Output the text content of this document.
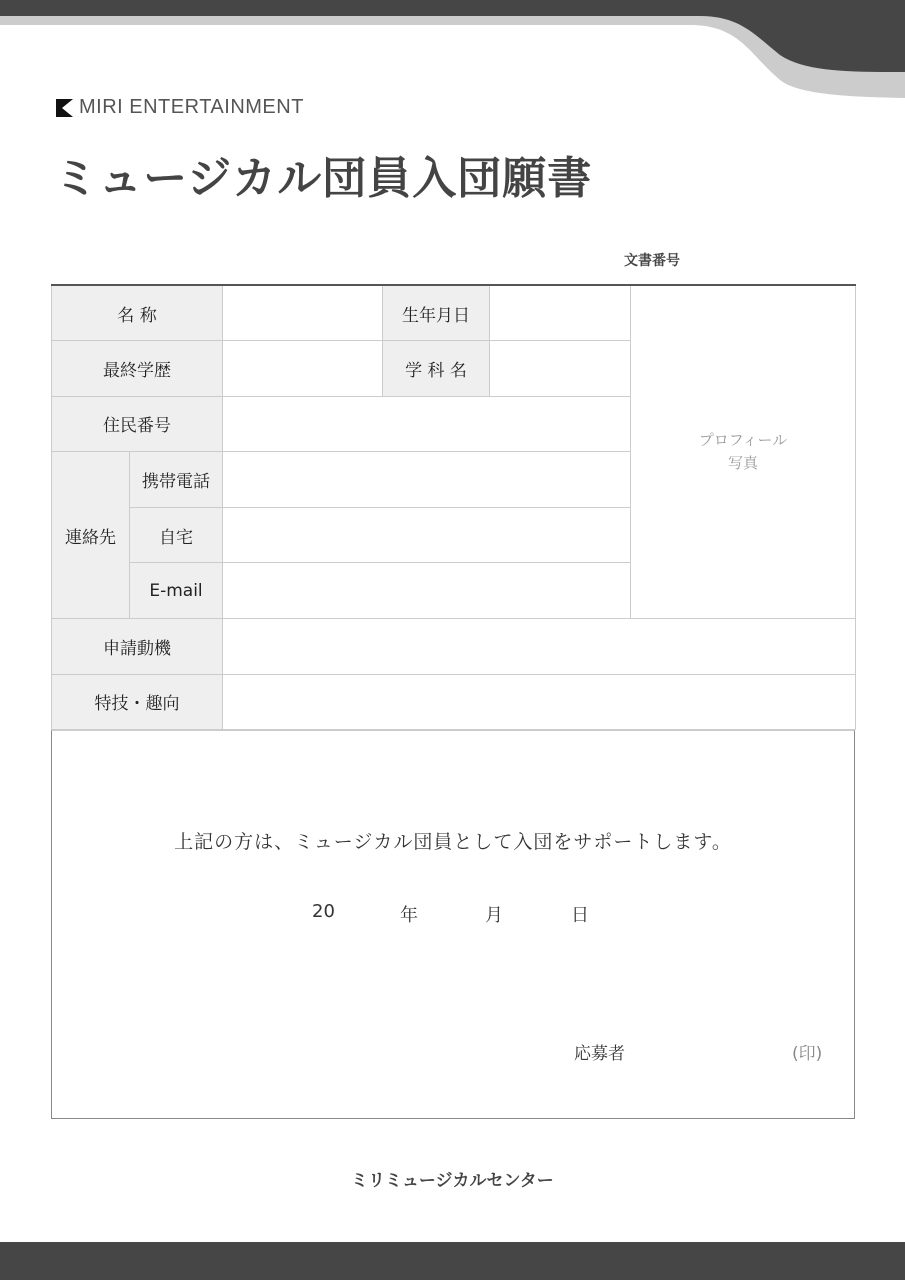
MIRI ENTERTAINMENT
ミュージカル団員入団願書
文書番号
名 称			生年月日		プロフィール
写真
最終学歴			学 科 名		
住民番号					
連絡先	携帯電話				
	自宅				
	E-mail				
申請動機					
特技・趣向					
上記の方は、ミュージカル団員として入団をサポートします。
20	年	月	日
応募者	(印)
ミリミュージカルセンター
